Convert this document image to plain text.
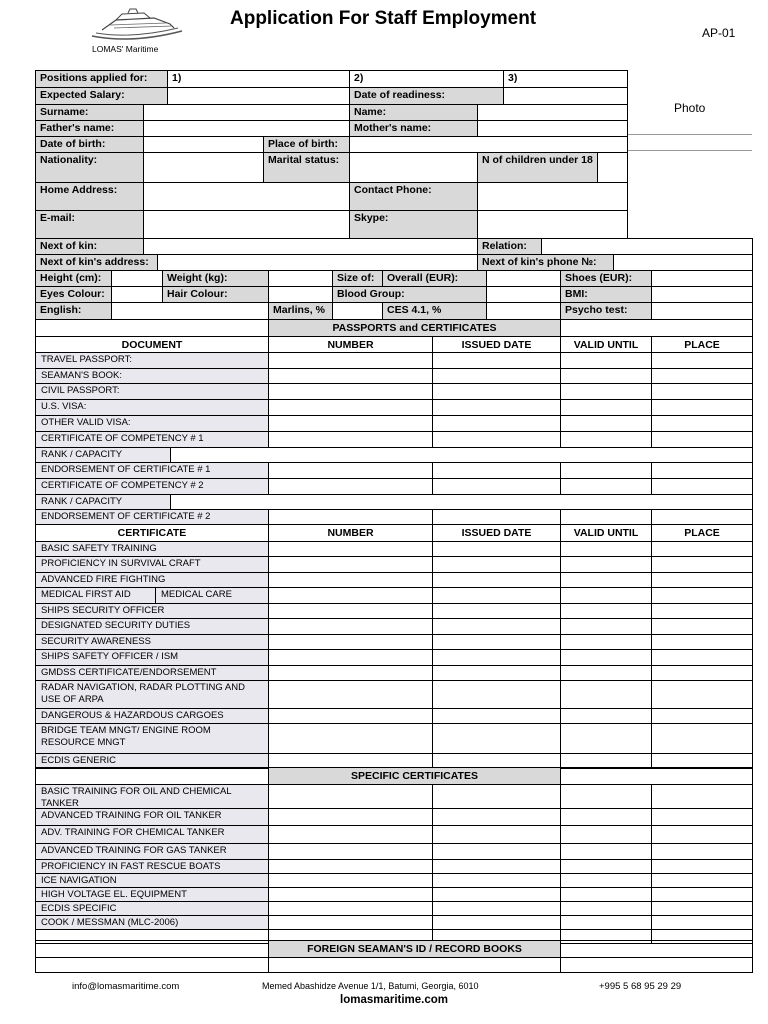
LOMAS' Maritime
Application For Staff Employment
AP-01
Photo
Positions applied for:	1)	2)	3)
Expected Salary:	Date of readiness:
Surname:	Name:
Father's name:	Mother's name:
Date of birth:	Place of birth:
Nationality:	Marital status:	N of children under 18
Home Address:	Contact Phone:
E-mail:	Skype:
Next of kin:	Relation:
Next of kin's address:	Next of kin's phone №:
Height (cm):	Weight (kg):	Size of:	Overall (EUR):	Shoes (EUR):
Eyes Colour:	Hair Colour:	Blood Group:	BMI:
English:	Marlins, %	CES 4.1, %	Psycho test:
PASSPORTS and CERTIFICATES
DOCUMENT	NUMBER	ISSUED DATE	VALID UNTIL	PLACE
TRAVEL PASSPORT:
SEAMAN'S BOOK:
CIVIL PASSPORT:
U.S. VISA:
OTHER VALID VISA:
CERTIFICATE OF COMPETENCY # 1
RANK / CAPACITY
ENDORSEMENT OF CERTIFICATE # 1
CERTIFICATE OF COMPETENCY # 2
RANK / CAPACITY
ENDORSEMENT OF CERTIFICATE # 2
CERTIFICATE	NUMBER	ISSUED DATE	VALID UNTIL	PLACE
BASIC SAFETY TRAINING
PROFICIENCY IN SURVIVAL CRAFT
ADVANCED FIRE FIGHTING
MEDICAL FIRST AID	MEDICAL CARE
SHIPS SECURITY OFFICER
DESIGNATED SECURITY DUTIES
SECURITY AWARENESS
SHIPS SAFETY OFFICER / ISM
GMDSS CERTIFICATE/ENDORSEMENT
RADAR NAVIGATION, RADAR PLOTTING AND USE OF ARPA
DANGEROUS & HAZARDOUS CARGOES
BRIDGE TEAM MNGT/ ENGINE ROOM RESOURCE MNGT
ECDIS GENERIC
SPECIFIC CERTIFICATES
BASIC TRAINING FOR OIL AND CHEMICAL TANKER
ADVANCED TRAINING FOR OIL TANKER
ADV. TRAINING FOR CHEMICAL TANKER
ADVANCED TRAINING FOR GAS TANKER
PROFICIENCY IN FAST RESCUE BOATS
ICE NAVIGATION
HIGH VOLTAGE EL. EQUIPMENT
ECDIS SPECIFIC
COOK / MESSMAN (MLC-2006)
FOREIGN SEAMAN'S ID / RECORD BOOKS
info@lomasmaritime.com	Memed Abashidze Avenue 1/1, Batumi, Georgia, 6010	+995 5 68 95 29 29
lomasmaritime.com
